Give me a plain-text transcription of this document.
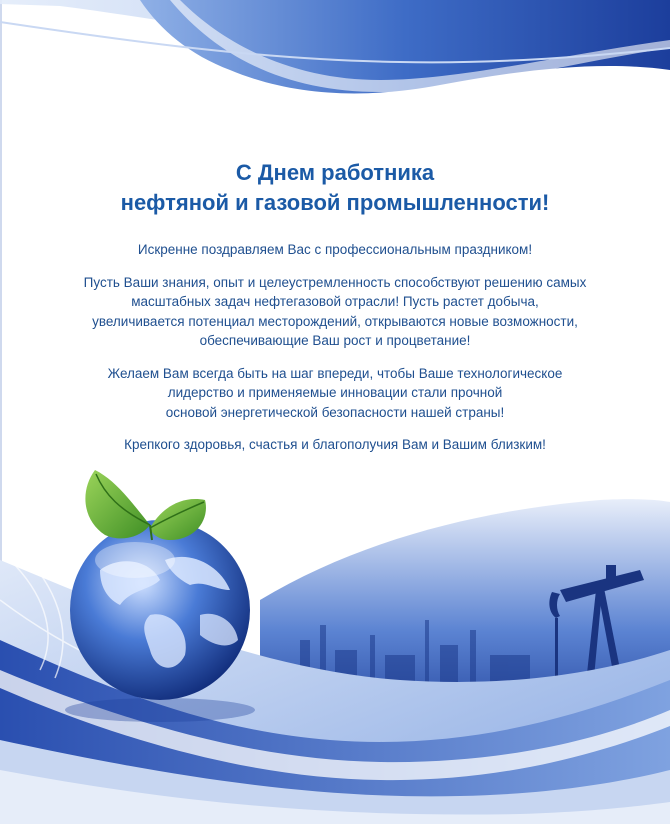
С Днем работника
нефтяной и газовой промышленности!

Искренне поздравляем Вас с профессиональным праздником!

Пусть Ваши знания, опыт и целеустремленность способствуют решению самых
масштабных задач нефтегазовой отрасли! Пусть растет добыча,
увеличивается потенциал месторождений, открываются новые возможности,
обеспечивающие Ваш рост и процветание!

Желаем Вам всегда быть на шаг впереди, чтобы Ваше технологическое
лидерство и применяемые инновации стали прочной
основой энергетической безопасности нашей страны!

Крепкого здоровья, счастья и благополучия Вам и Вашим близким!
